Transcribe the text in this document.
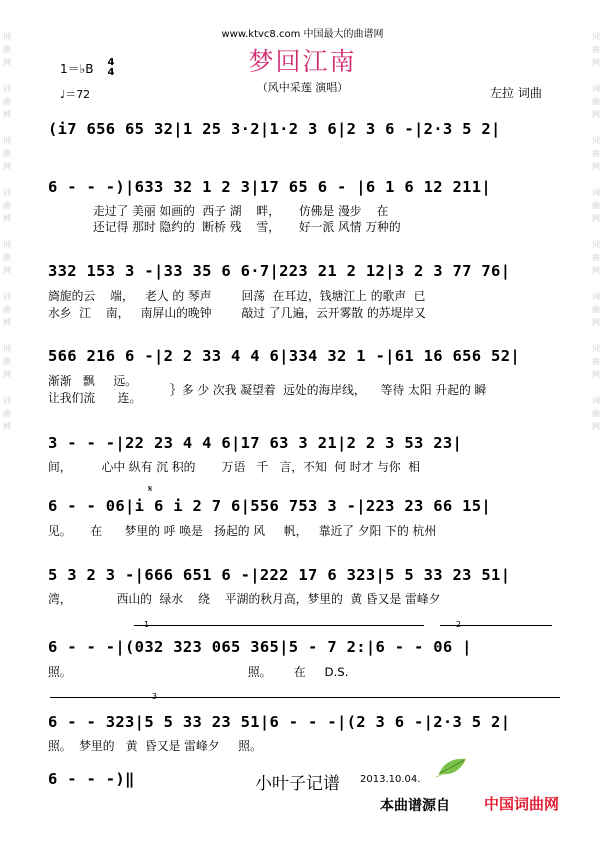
词
曲
网

词
曲
网

词
曲
网

词
曲
网

词
曲
网

词
曲
网

词
曲
网

词
曲
网
词
曲
网

词
曲
网

词
曲
网

词
曲
网

词
曲
网

词
曲
网

词
曲
网

词
曲
网
www.ktvc8.com 中国最大的曲谱网
梦回江南
（风中采莲 演唱）
1＝♭B	4
4
♩＝72	左拉 词曲
(i7 656 65 32|1 25 3·2|1·2 3 6|2 3 6 -|2·3 5 2|
6 - - -)|633 32 1 2 3|17 65 6 - |6 1 6 12 211|
走过了 美丽 如画的  西子 湖    畔，     仿佛是 漫步    在
还记得 那时 隐约的  断桥 残    雪，     好一派 风情 万种的
332 153 3 -|33 35 6 6·7|223 21 2 12|3 2 3 77 76|
旖旎的云    端，   老人 的 琴声        回荡  在耳边，钱塘江上 的歌声  已
水乡  江    南，   南屏山的晚钟        敲过 了几遍，云开雾散 的苏堤岸又
566 216 6 -|2 2 33 4 4 6|334 32 1 -|61 16 656 52|
渐渐   飘     远。
让我们流      连。
｝多 少 次我 凝望着  远处的海岸线，    等待 太阳 升起的 瞬
3 - - -|22 23 4 4 6|17 63 3 21|2 2 3 53 23|
间，        心中 纵有 沉 积的       万语   千   言，不知  何 时才 与你  相
𝄋
6 - - 06|i 6 i 2 7 6|556 753 3 -|223 23 66 15|
见。     在      梦里的 呼 唤是   扬起的 风     帆，   靠近了 夕阳 下的 杭州
5 3 2 3 -|666 651 6 -|222 17 6 323|5 5 33 23 51|
湾，            西山的  绿水    绕    平湖的秋月高，梦里的  黄 昏又是 雷峰夕
1	2
6 - - -|(032 323 065 365|5 - 7 2:|6 - - 06 |
照。                                               照。      在     D.S.
3
6 - - 323|5 5 33 23 51|6 - - -|(2 3 6 -|2·3 5 2|
照。  梦里的   黄  昏又是 雷峰夕     照。
6 - - -)‖	小叶子记谱 2013.10.04.
本曲谱源自 中国词曲网
